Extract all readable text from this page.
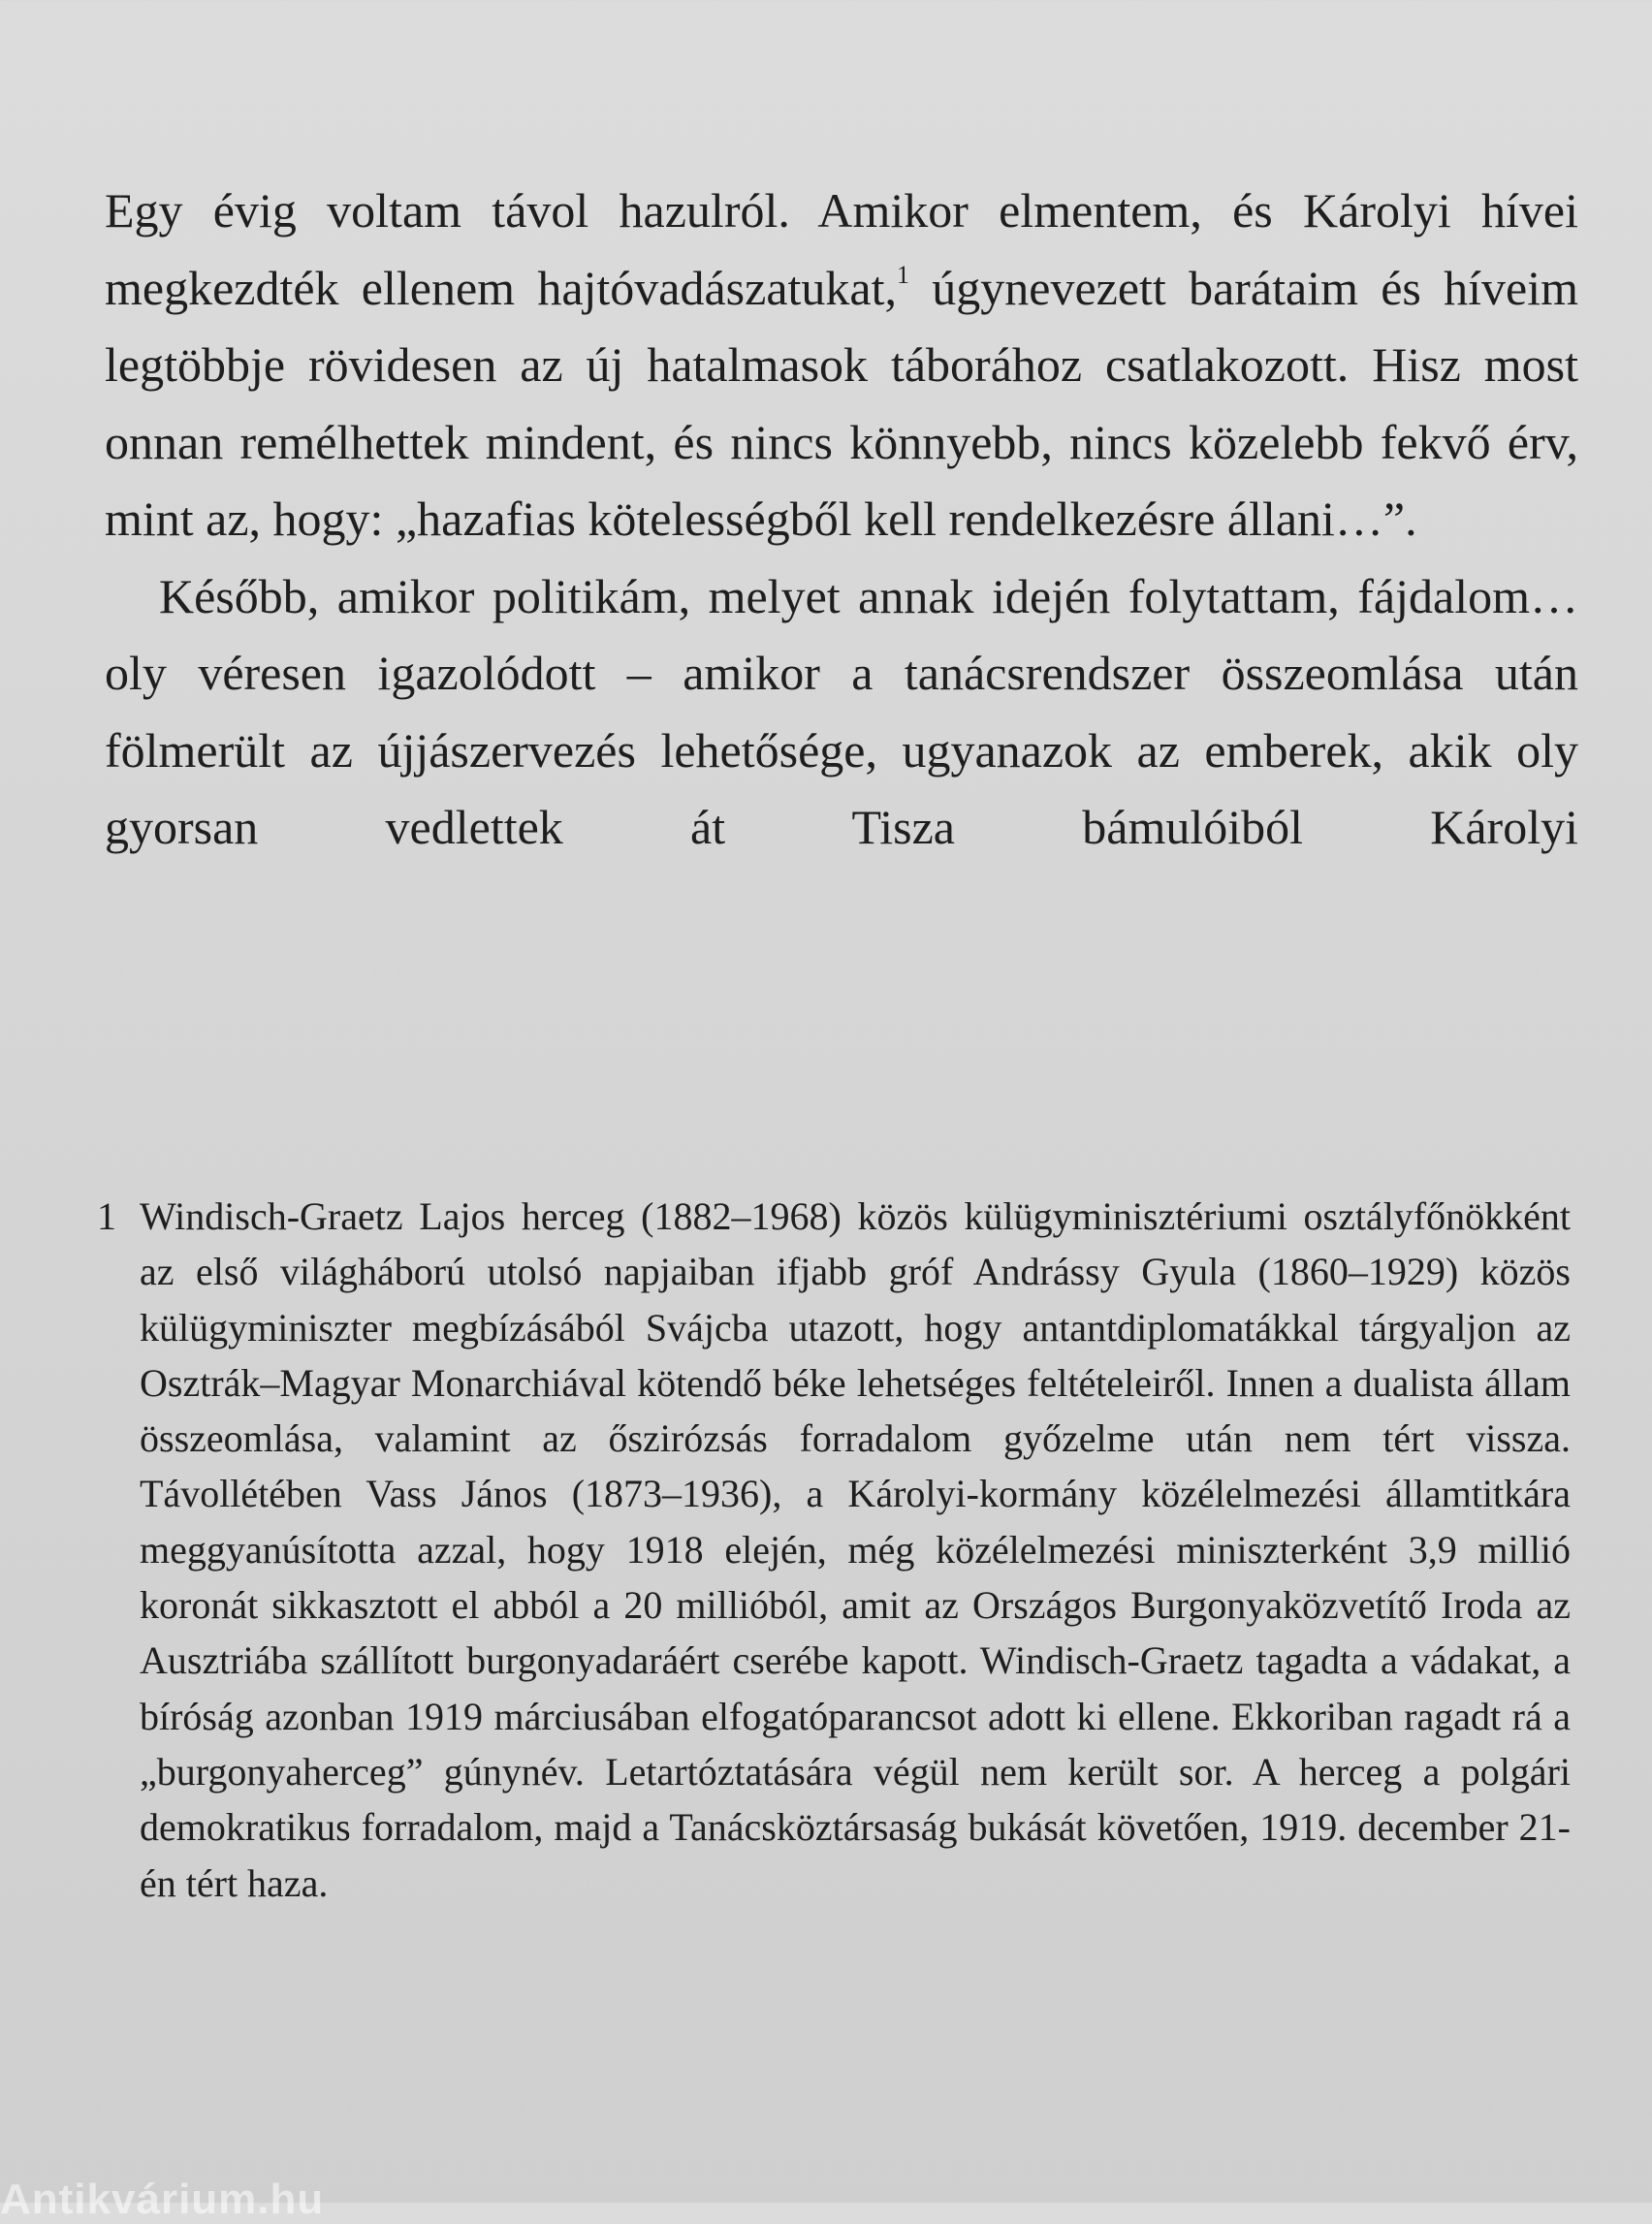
Egy évig voltam távol hazulról. Amikor elmentem, és Károlyi hívei megkezdték ellenem hajtóvadászatukat,$^1$ úgynevezett barátaim és híveim legtöbbje rövidesen az új hatalmasok táborához csatlakozott. Hisz most onnan remélhettek mindent, és nincs könnyebb, nincs közelebb fekvő érv, mint az, hogy: „hazafias kötelességből kell rendelkezésre állani…”.

Később, amikor politikám, melyet annak idején folytattam, fájdalom… oly véresen igazolódott – amikor a tanácsrendszer összeomlása után fölmerült az újjászervezés lehetősége, ugyanazok az emberek, akik oly gyorsan vedlettek át Tisza bámulóiból Károlyi

1 Windisch-Graetz Lajos herceg (1882–1968) közös külügyminisztériumi osztályfőnökként az első világháború utolsó napjaiban ifjabb gróf Andrássy Gyula (1860–1929) közös külügyminiszter megbízásából Svájcba utazott, hogy antantdiplomatákkal tárgyaljon az Osztrák–Magyar Monarchiával kötendő béke lehetséges feltételeiről. Innen a dualista állam összeomlása, valamint az őszirózsás forradalom győzelme után nem tért vissza. Távollétében Vass János (1873–1936), a Károlyi-kormány közélelmezési államtitkára meggyanúsította azzal, hogy 1918 elején, még közélelmezési miniszterként 3,9 millió koronát sikkasztott el abból a 20 millióból, amit az Országos Burgonyaközvetítő Iroda az Ausztriába szállított burgonyadaráért cserébe kapott. Windisch-Graetz tagadta a vádakat, a bíróság azonban 1919 márciusában elfogatóparancsot adott ki ellene. Ekkoriban ragadt rá a „burgonyaherceg” gúnynév. Letartóztatására végül nem került sor. A herceg a polgári demokratikus forradalom, majd a Tanácsköztársaság bukását követően, 1919. december 21-én tért haza.
Antikvárium.hu
